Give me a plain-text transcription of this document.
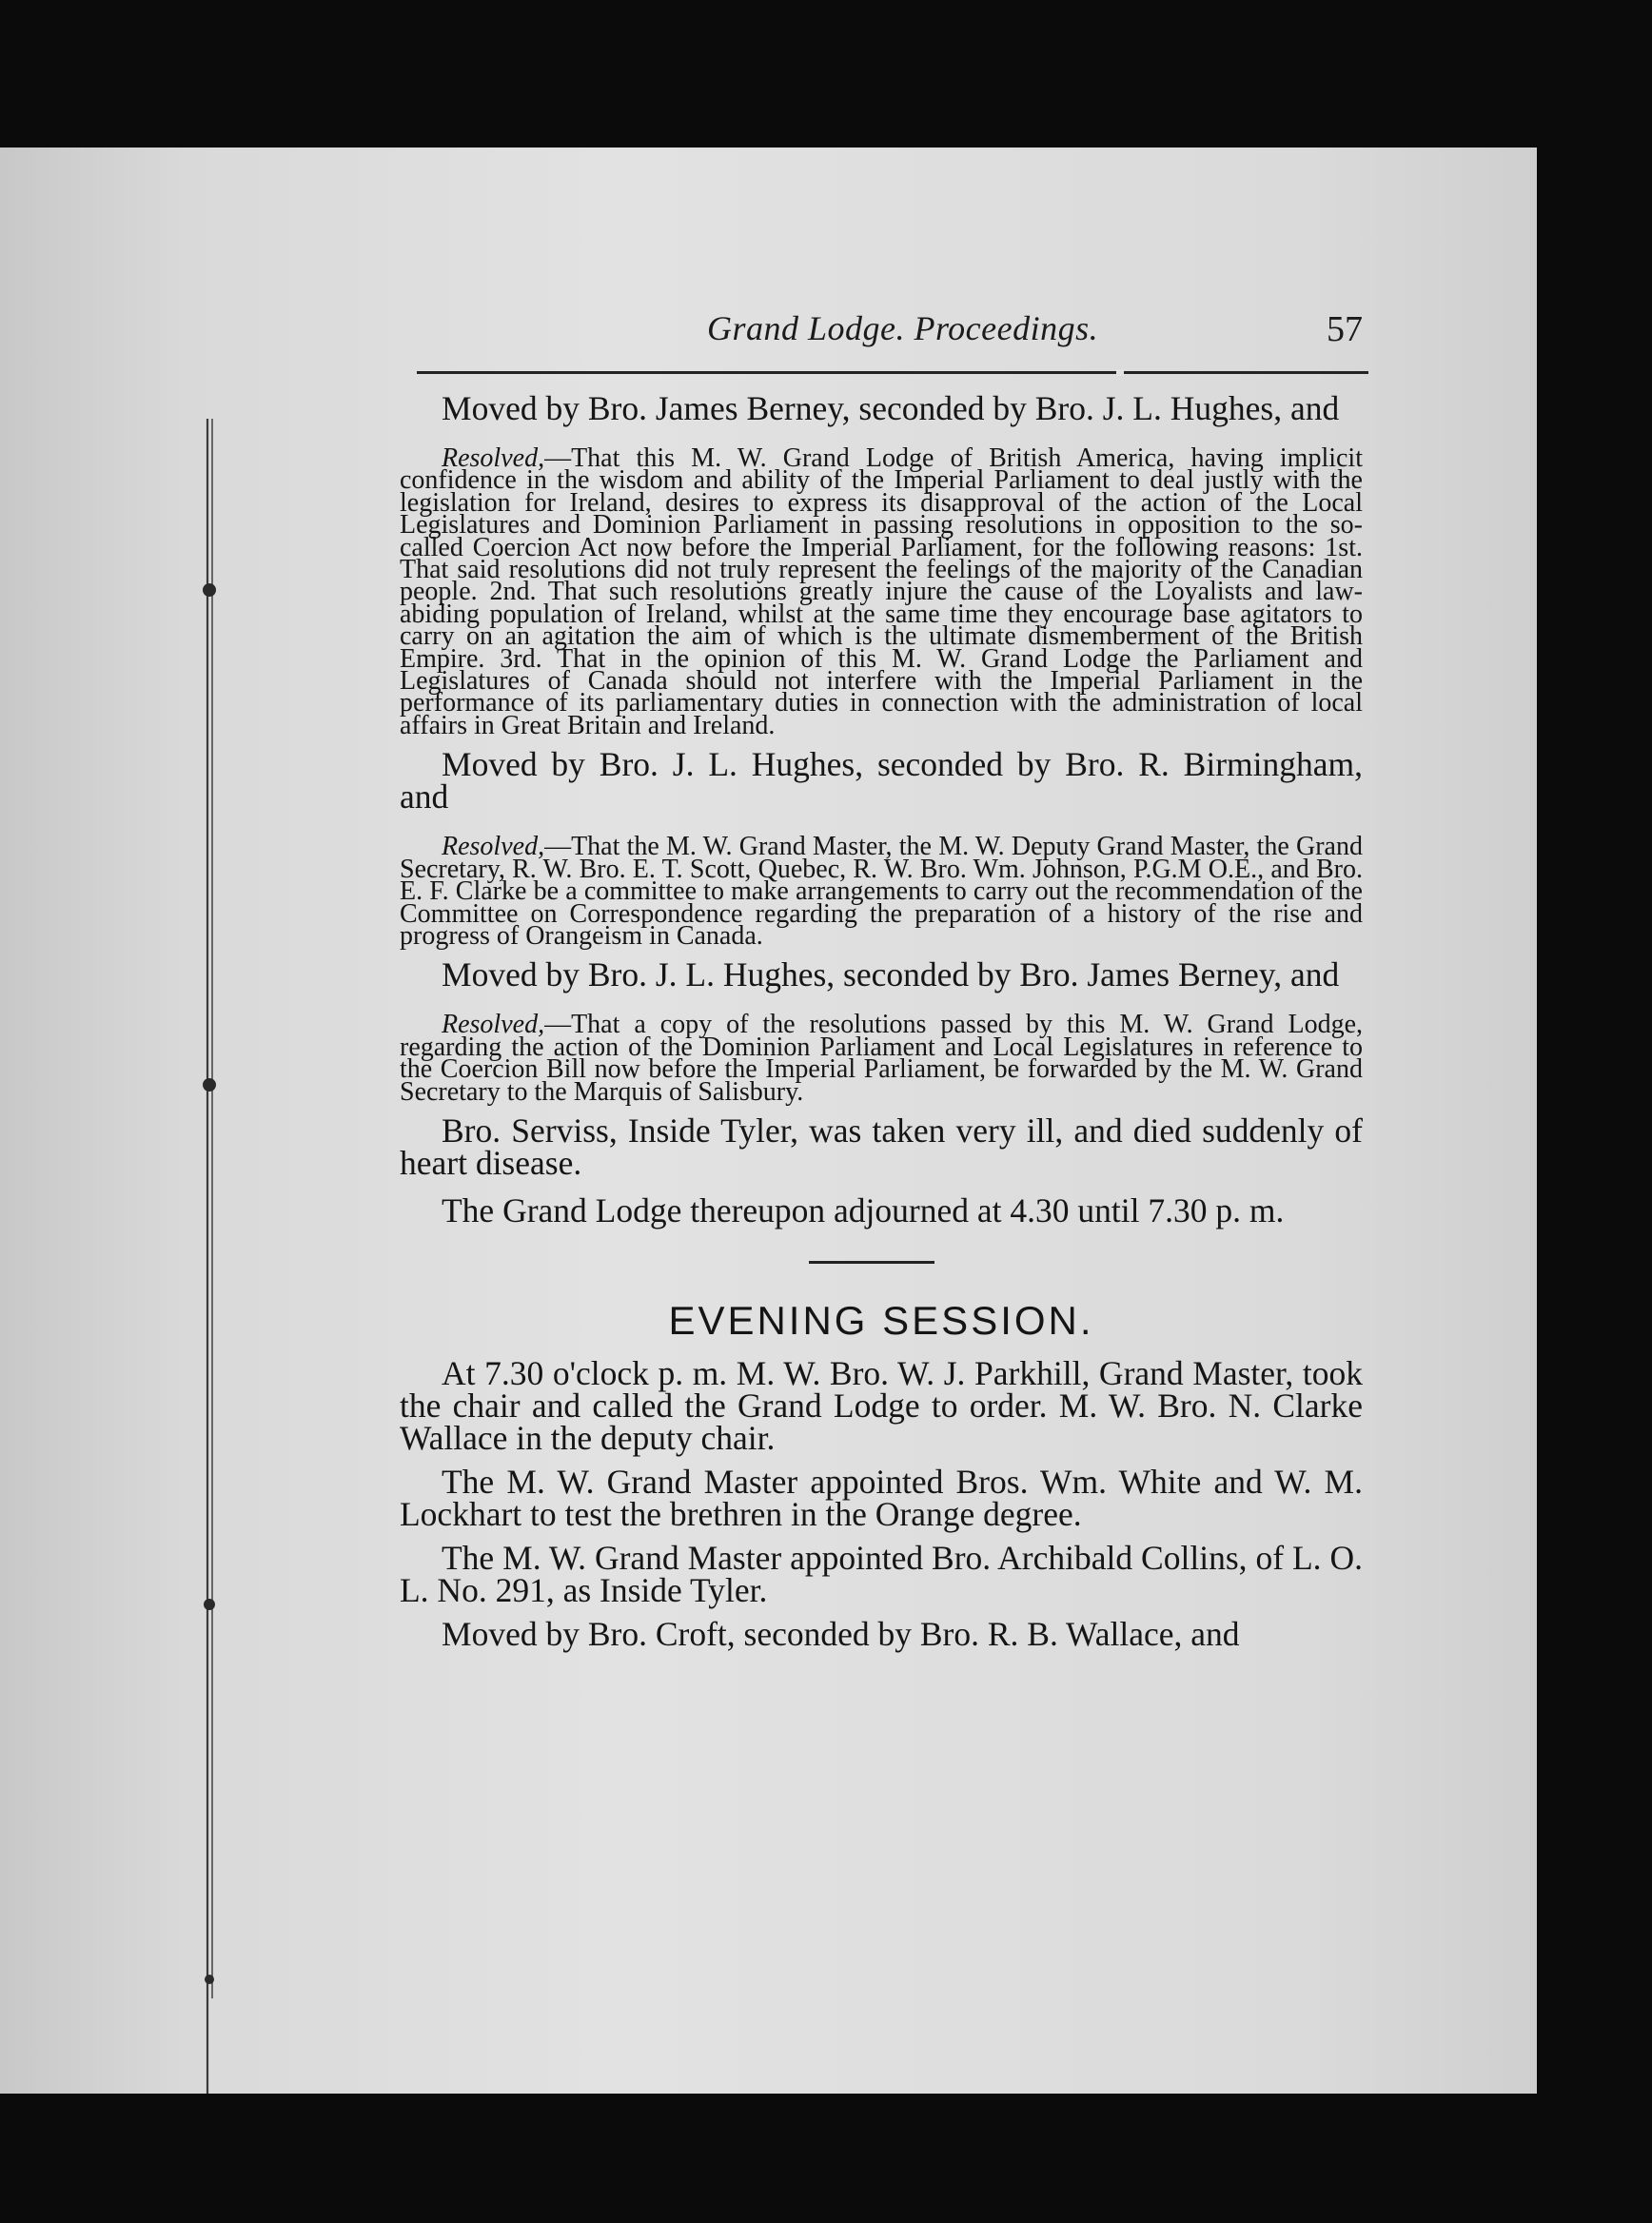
Grand Lodge. Proceedings.	57

Moved by Bro. James Berney, seconded by Bro. J. L. Hughes, and

Resolved,—That this M. W. Grand Lodge of British America, having implicit confidence in the wisdom and ability of the Imperial Parliament to deal justly with the legislation for Ireland, desires to express its disapproval of the action of the Local Legislatures and Dominion Parliament in passing resolutions in opposition to the so-called Coercion Act now before the Imperial Parliament, for the following reasons: 1st. That said resolutions did not truly represent the feelings of the majority of the Canadian people. 2nd. That such resolutions greatly injure the cause of the Loyalists and law-abiding population of Ireland, whilst at the same time they encourage base agitators to carry on an agitation the aim of which is the ultimate dismemberment of the British Empire. 3rd. That in the opinion of this M. W. Grand Lodge the Parliament and Legislatures of Canada should not interfere with the Imperial Parliament in the performance of its parliamentary duties in connection with the administration of local affairs in Great Britain and Ireland.

Moved by Bro. J. L. Hughes, seconded by Bro. R. Birmingham, and

Resolved,—That the M. W. Grand Master, the M. W. Deputy Grand Master, the Grand Secretary, R. W. Bro. E. T. Scott, Quebec, R. W. Bro. Wm. Johnson, P.G.M O.E., and Bro. E. F. Clarke be a committee to make arrangements to carry out the recommendation of the Committee on Correspondence regarding the preparation of a history of the rise and progress of Orangeism in Canada.

Moved by Bro. J. L. Hughes, seconded by Bro. James Berney, and

Resolved,—That a copy of the resolutions passed by this M. W. Grand Lodge, regarding the action of the Dominion Parliament and Local Legislatures in reference to the Coercion Bill now before the Imperial Parliament, be forwarded by the M. W. Grand Secretary to the Marquis of Salisbury.

Bro. Serviss, Inside Tyler, was taken very ill, and died suddenly of heart disease.

The Grand Lodge thereupon adjourned at 4.30 until 7.30 p. m.

EVENING SESSION.

At 7.30 o'clock p. m. M. W. Bro. W. J. Parkhill, Grand Master, took the chair and called the Grand Lodge to order. M. W. Bro. N. Clarke Wallace in the deputy chair.

The M. W. Grand Master appointed Bros. Wm. White and W. M. Lockhart to test the brethren in the Orange degree.

The M. W. Grand Master appointed Bro. Archibald Collins, of L. O. L. No. 291, as Inside Tyler.

Moved by Bro. Croft, seconded by Bro. R. B. Wallace, and
